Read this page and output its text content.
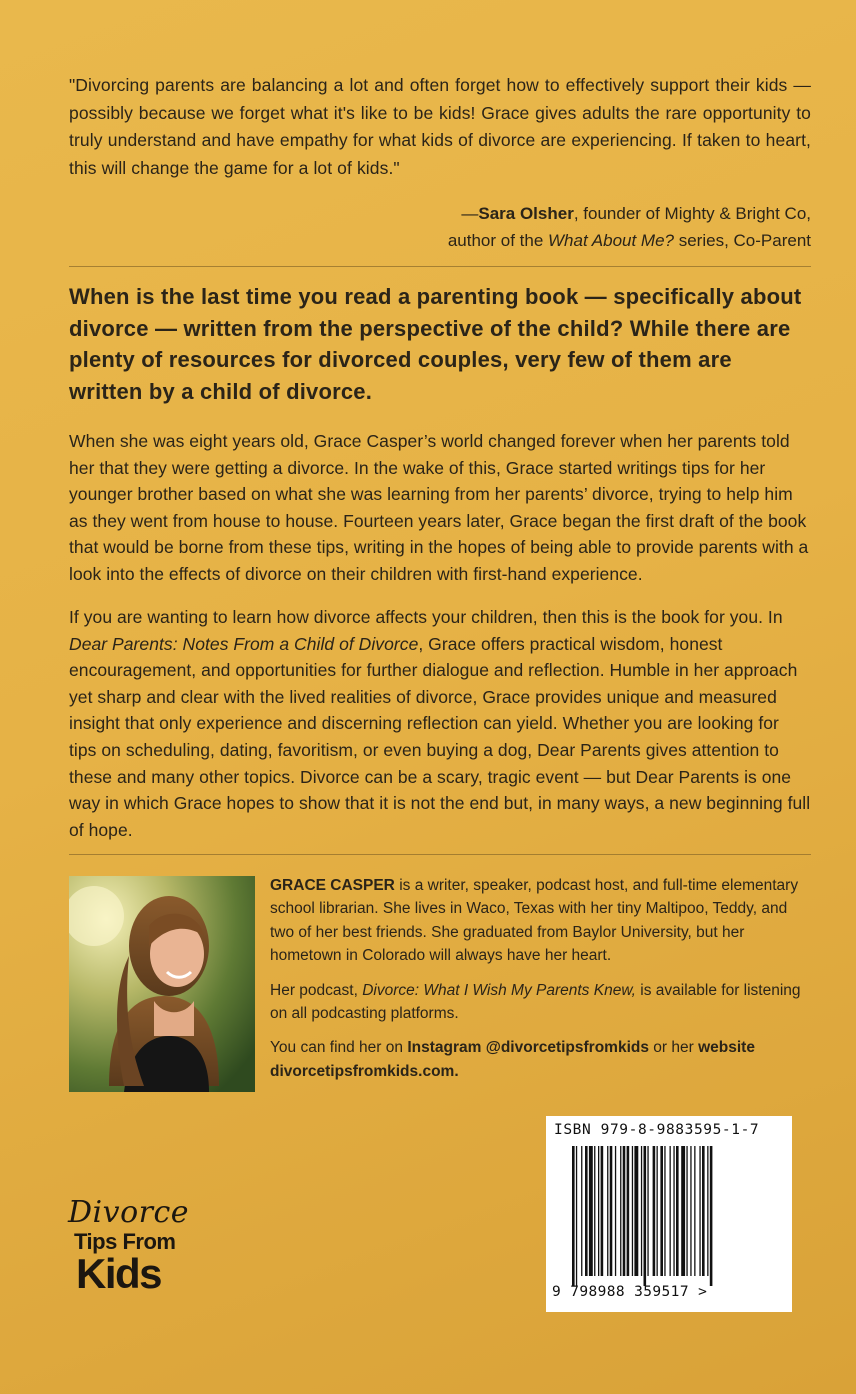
"Divorcing parents are balancing a lot and often forget how to effectively support their kids — possibly because we forget what it's like to be kids! Grace gives adults the rare opportunity to truly understand and have empathy for what kids of divorce are experiencing. If taken to heart, this will change the game for a lot of kids."
—Sara Olsher, founder of Mighty & Bright Co,
author of the What About Me? series, Co-Parent
When is the last time you read a parenting book — specifically about divorce — written from the perspective of the child? While there are plenty of resources for divorced couples, very few of them are written by a child of divorce.
When she was eight years old, Grace Casper’s world changed forever when her parents told her that they were getting a divorce. In the wake of this, Grace started writings tips for her younger brother based on what she was learning from her parents’ divorce, trying to help him as they went from house to house. Fourteen years later, Grace began the first draft of the book that would be borne from these tips, writing in the hopes of being able to provide parents with a look into the effects of divorce on their children with first-hand experience.
If you are wanting to learn how divorce affects your children, then this is the book for you. In Dear Parents: Notes From a Child of Divorce, Grace offers practical wisdom, honest encouragement, and opportunities for further dialogue and reflection. Humble in her approach yet sharp and clear with the lived realities of divorce, Grace provides unique and measured insight that only experience and discerning reflection can yield. Whether you are looking for tips on scheduling, dating, favoritism, or even buying a dog, Dear Parents gives attention to these and many other topics. Divorce can be a scary, tragic event — but Dear Parents is one way in which Grace hopes to show that it is not the end but, in many ways, a new beginning full of hope.

GRACE CASPER is a writer, speaker, podcast host, and full-time elementary school librarian. She lives in Waco, Texas with her tiny Maltipoo, Teddy, and two of her best friends. She graduated from Baylor University, but her hometown in Colorado will always have her heart.

Her podcast, Divorce: What I Wish My Parents Knew, is available for listening on all podcasting platforms.

You can find her on Instagram @divorcetipsfromkids or her website
divorcetipsfromkids.com.

ISBN 979-8-9883595-1-7
9 798988 359517 >
Divorce
Tips From
Kids
